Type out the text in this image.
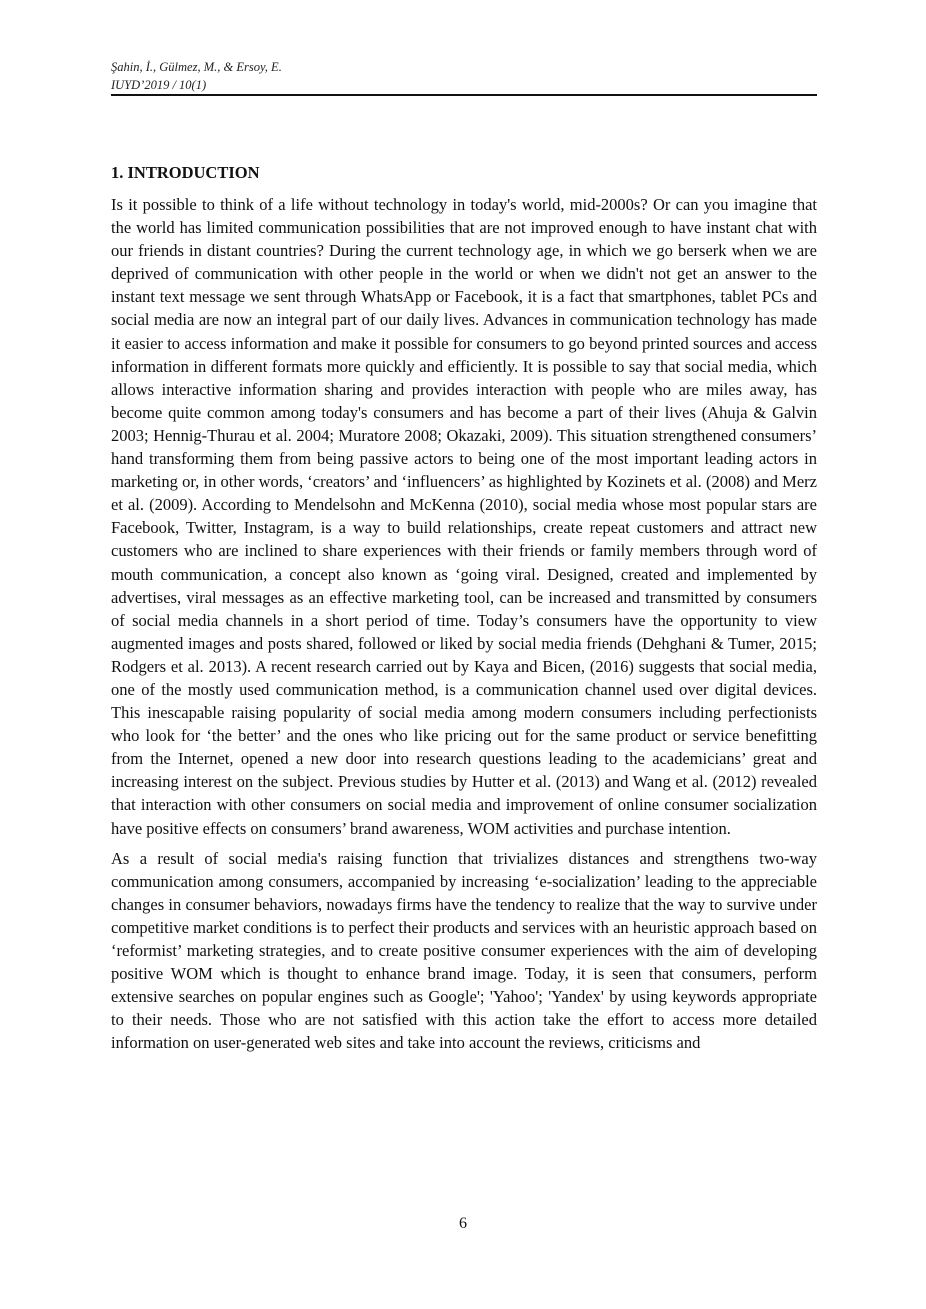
Şahin, İ., Gülmez, M., & Ersoy, E.
IUYD’2019 / 10(1)
1. INTRODUCTION

Is it possible to think of a life without technology in today's world, mid-2000s? Or can you imagine that the world has limited communication possibilities that are not improved enough to have instant chat with our friends in distant countries? During the current technology age, in which we go berserk when we are deprived of communication with other people in the world or when we didn't not get an answer to the instant text message we sent through WhatsApp or Facebook, it is a fact that smartphones, tablet PCs and social media are now an integral part of our daily lives. Advances in communication technology has made it easier to access information and make it possible for consumers to go beyond printed sources and access information in different formats more quickly and efficiently. It is possible to say that social media, which allows interactive information sharing and provides interaction with people who are miles away, has become quite common among today's consumers and has become a part of their lives (Ahuja & Galvin 2003; Hennig-Thurau et al. 2004; Muratore 2008; Okazaki, 2009). This situation strengthened consumers’ hand transforming them from being passive actors to being one of the most important leading actors in marketing or, in other words, ‘creators’ and ‘influencers’ as highlighted by Kozinets et al. (2008) and Merz et al. (2009). According to Mendelsohn and McKenna (2010), social media whose most popular stars are Facebook, Twitter, Instagram, is a way to build relationships, create repeat customers and attract new customers who are inclined to share experiences with their friends or family members through word of mouth communication, a concept also known as ‘going viral. Designed, created and implemented by advertises, viral messages as an effective marketing tool, can be increased and transmitted by consumers of social media channels in a short period of time. Today’s consumers have the opportunity to view augmented images and posts shared, followed or liked by social media friends (Dehghani & Tumer, 2015; Rodgers et al. 2013). A recent research carried out by Kaya and Bicen, (2016) suggests that social media, one of the mostly used communication method, is a communication channel used over digital devices. This inescapable raising popularity of social media among modern consumers including perfectionists who look for ‘the better’ and the ones who like pricing out for the same product or service benefitting from the Internet, opened a new door into research questions leading to the academicians’ great and increasing interest on the subject. Previous studies by Hutter et al. (2013) and Wang et al. (2012) revealed that interaction with other consumers on social media and improvement of online consumer socialization have positive effects on consumers’ brand awareness, WOM activities and purchase intention.

As a result of social media's raising function that trivializes distances and strengthens two-way communication among consumers, accompanied by increasing ‘e-socialization’ leading to the appreciable changes in consumer behaviors, nowadays firms have the tendency to realize that the way to survive under competitive market conditions is to perfect their products and services with an heuristic approach based on ‘reformist’ marketing strategies, and to create positive consumer experiences with the aim of developing positive WOM which is thought to enhance brand image. Today, it is seen that consumers, perform extensive searches on popular engines such as Google'; 'Yahoo'; 'Yandex' by using keywords appropriate to their needs. Those who are not satisfied with this action take the effort to access more detailed information on user-generated web sites and take into account the reviews, criticisms and

6
